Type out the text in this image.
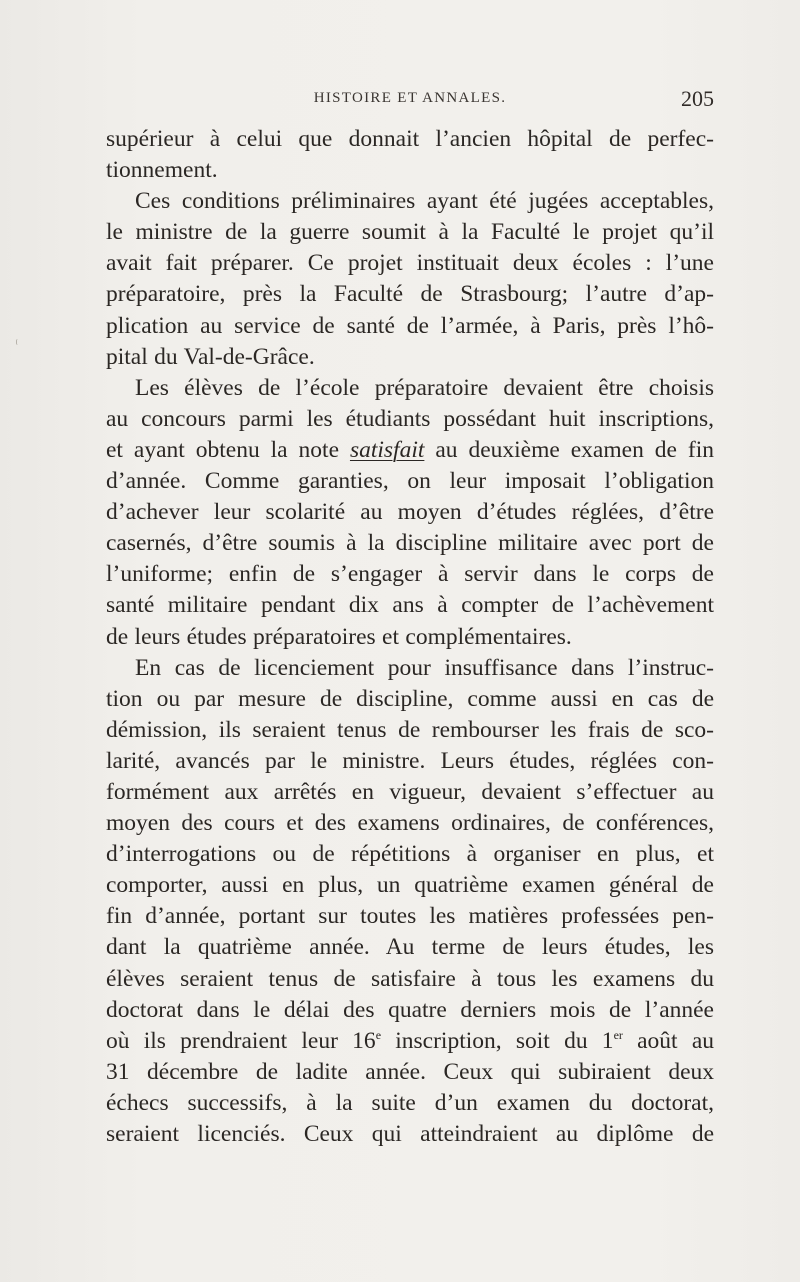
HISTOIRE ET ANNALES.	205
supérieur à celui que donnait l’ancien hôpital de perfec-
tionnement.
Ces conditions préliminaires ayant été jugées acceptables,
le ministre de la guerre soumit à la Faculté le projet qu’il
avait fait préparer. Ce projet instituait deux écoles : l’une
préparatoire, près la Faculté de Strasbourg; l’autre d’ap-
plication au service de santé de l’armée, à Paris, près l’hô-
pital du Val-de-Grâce.
Les élèves de l’école préparatoire devaient être choisis
au concours parmi les étudiants possédant huit inscriptions,
et ayant obtenu la note satisfait au deuxième examen de fin
d’année. Comme garanties, on leur imposait l’obligation
d’achever leur scolarité au moyen d’études réglées, d’être
casernés, d’être soumis à la discipline militaire avec port de
l’uniforme; enfin de s’engager à servir dans le corps de
santé militaire pendant dix ans à compter de l’achèvement
de leurs études préparatoires et complémentaires.
En cas de licenciement pour insuffisance dans l’instruc-
tion ou par mesure de discipline, comme aussi en cas de
démission, ils seraient tenus de rembourser les frais de sco-
larité, avancés par le ministre. Leurs études, réglées con-
formément aux arrêtés en vigueur, devaient s’effectuer au
moyen des cours et des examens ordinaires, de conférences,
d’interrogations ou de répétitions à organiser en plus, et
comporter, aussi en plus, un quatrième examen général de
fin d’année, portant sur toutes les matières professées pen-
dant la quatrième année. Au terme de leurs études, les
élèves seraient tenus de satisfaire à tous les examens du
doctorat dans le délai des quatre derniers mois de l’année
où ils prendraient leur 16e inscription, soit du 1er août au
31 décembre de ladite année. Ceux qui subiraient deux
échecs successifs, à la suite d’un examen du doctorat,
seraient licenciés. Ceux qui atteindraient au diplôme de
